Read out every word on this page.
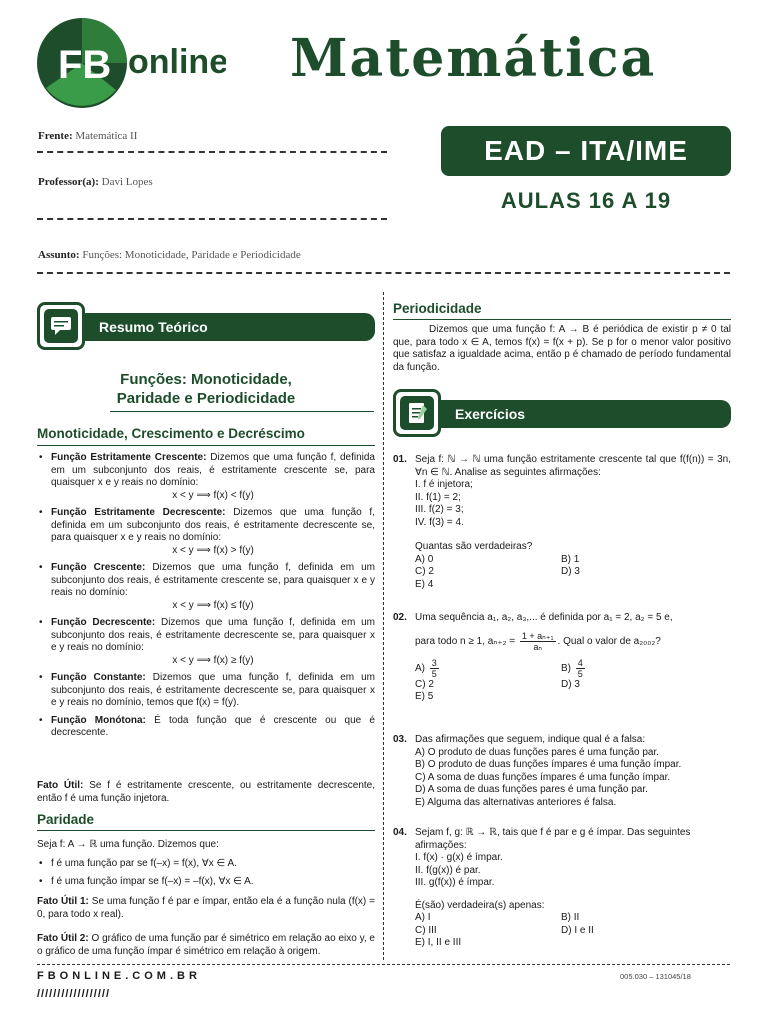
FB online Matemática
Frente: Matemática II
Professor(a): Davi Lopes
Assunto: Funções: Monoticidade, Paridade e Periodicidade
EAD – ITA/IME
AULAS 16 A 19
Resumo Teórico
Funções: Monoticidade,
Paridade e Periodicidade
Monoticidade, Crescimento e Decréscimo
• Função Estritamente Crescente: Dizemos que uma função f, definida em um subconjunto dos reais, é estritamente crescente se, para quaisquer x e y reais no domínio:
x < y ⟹ f(x) < f(y)
• Função Estritamente Decrescente: Dizemos que uma função f, definida em um subconjunto dos reais, é estritamente decrescente se, para quaisquer x e y reais no domínio:
x < y ⟹ f(x) > f(y)
• Função Crescente: Dizemos que uma função f, definida em um subconjunto dos reais, é estritamente crescente se, para quaisquer x e y reais no domínio:
x < y ⟹ f(x) ≤ f(y)
• Função Decrescente: Dizemos que uma função f, definida em um subconjunto dos reais, é estritamente decrescente se, para quaisquer x e y reais no domínio:
x < y ⟹ f(x) ≥ f(y)
• Função Constante: Dizemos que uma função f, definida em um subconjunto dos reais, é estritamente decrescente se, para quaisquer x e y reais no domínio, temos que f(x) = f(y).
• Função Monótona: É toda função que é crescente ou que é decrescente.
Fato Útil: Se f é estritamente crescente, ou estritamente decrescente, então f é uma função injetora.
Paridade
Seja f: A → ℝ uma função. Dizemos que:
• f é uma função par se f(–x) = f(x), ∀x ∈ A.
• f é uma função ímpar se f(–x) = –f(x), ∀x ∈ A.
Fato Útil 1: Se uma função f é par e ímpar, então ela é a função nula (f(x) = 0, para todo x real).
Fato Útil 2: O gráfico de uma função par é simétrico em relação ao eixo y, e o gráfico de uma função ímpar é simétrico em relação à origem.
Periodicidade
Dizemos que uma função f: A → B é periódica de existir p ≠ 0 tal que, para todo x ∈ A, temos f(x) = f(x + p). Se p for o menor valor positivo que satisfaz a igualdade acima, então p é chamado de período fundamental da função.
Exercícios
01. Seja f: ℕ → ℕ uma função estritamente crescente tal que f(f(n)) = 3n, ∀n ∈ ℕ. Analise as seguintes afirmações:
I. f é injetora;
II. f(1) = 2;
III. f(2) = 3;
IV. f(3) = 4.
Quantas são verdadeiras?
A) 0	B) 1
C) 2	D) 3
E) 4
02. Uma sequência a₁, a₂, a₃,... é definida por a₁ = 2, a₂ = 5 e,
para todo n ≥ 1, $a_{n+2} = \frac{\text{1 + aₙ₊₁}}{\text{aₙ}}$ . Qual o valor de a₂₀₀₂?
$A) \frac{3}{5}$	$B) \frac{4}{5}$
C) 2	D) 3
E) 5
03. Das afirmações que seguem, indique qual é a falsa:
A) O produto de duas funções pares é uma função par.
B) O produto de duas funções ímpares é uma função ímpar.
C) A soma de duas funções ímpares é uma função ímpar.
D) A soma de duas funções pares é uma função par.
E) Alguma das alternativas anteriores é falsa.
04. Sejam f, g: ℝ → ℝ, tais que f é par e g é ímpar. Das seguintes afirmações:
I. f(x) · g(x) é ímpar.
II. f(g(x)) é par.
III. g(f(x)) é ímpar.
É(são) verdadeira(s) apenas:
A) I	B) II
C) III	D) I e II
E) I, II e III
FBONLINE.COM.BR
//////////////////
005.030 – 131045/18
